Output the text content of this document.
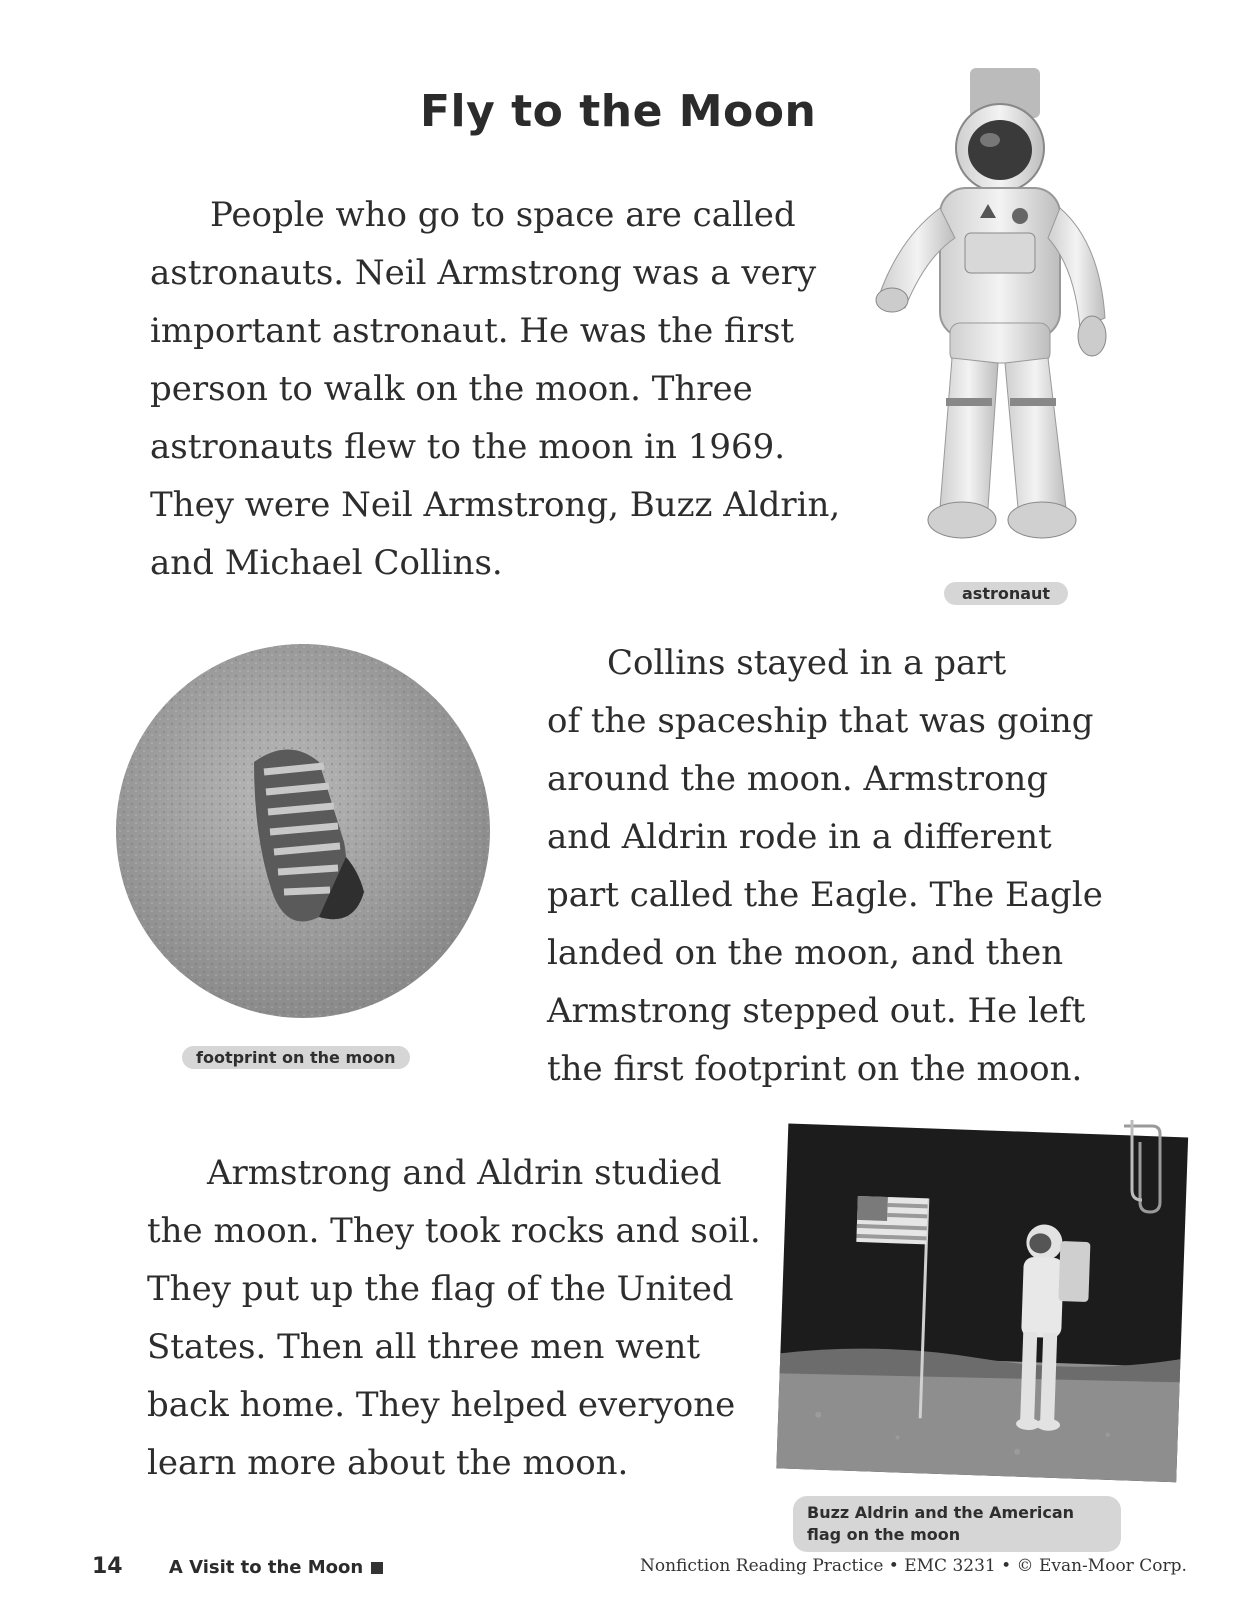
Fly to the Moon
People who go to space are called
astronauts. Neil Armstrong was a very
important astronaut. He was the first
person to walk on the moon. Three
astronauts flew to the moon in 1969.
They were Neil Armstrong, Buzz Aldrin,
and Michael Collins.
astronaut
footprint on the moon
Collins stayed in a part
of the spaceship that was going
around the moon. Armstrong
and Aldrin rode in a different
part called the Eagle. The Eagle
landed on the moon, and then
Armstrong stepped out. He left
the first footprint on the moon.
Armstrong and Aldrin studied
the moon. They took rocks and soil.
They put up the flag of the United
States. Then all three men went
back home. They helped everyone
learn more about the moon.
Buzz Aldrin and the American flag on the moon
14	A Visit to the Moon	Nonfiction Reading Practice • EMC 3231 • © Evan-Moor Corp.
